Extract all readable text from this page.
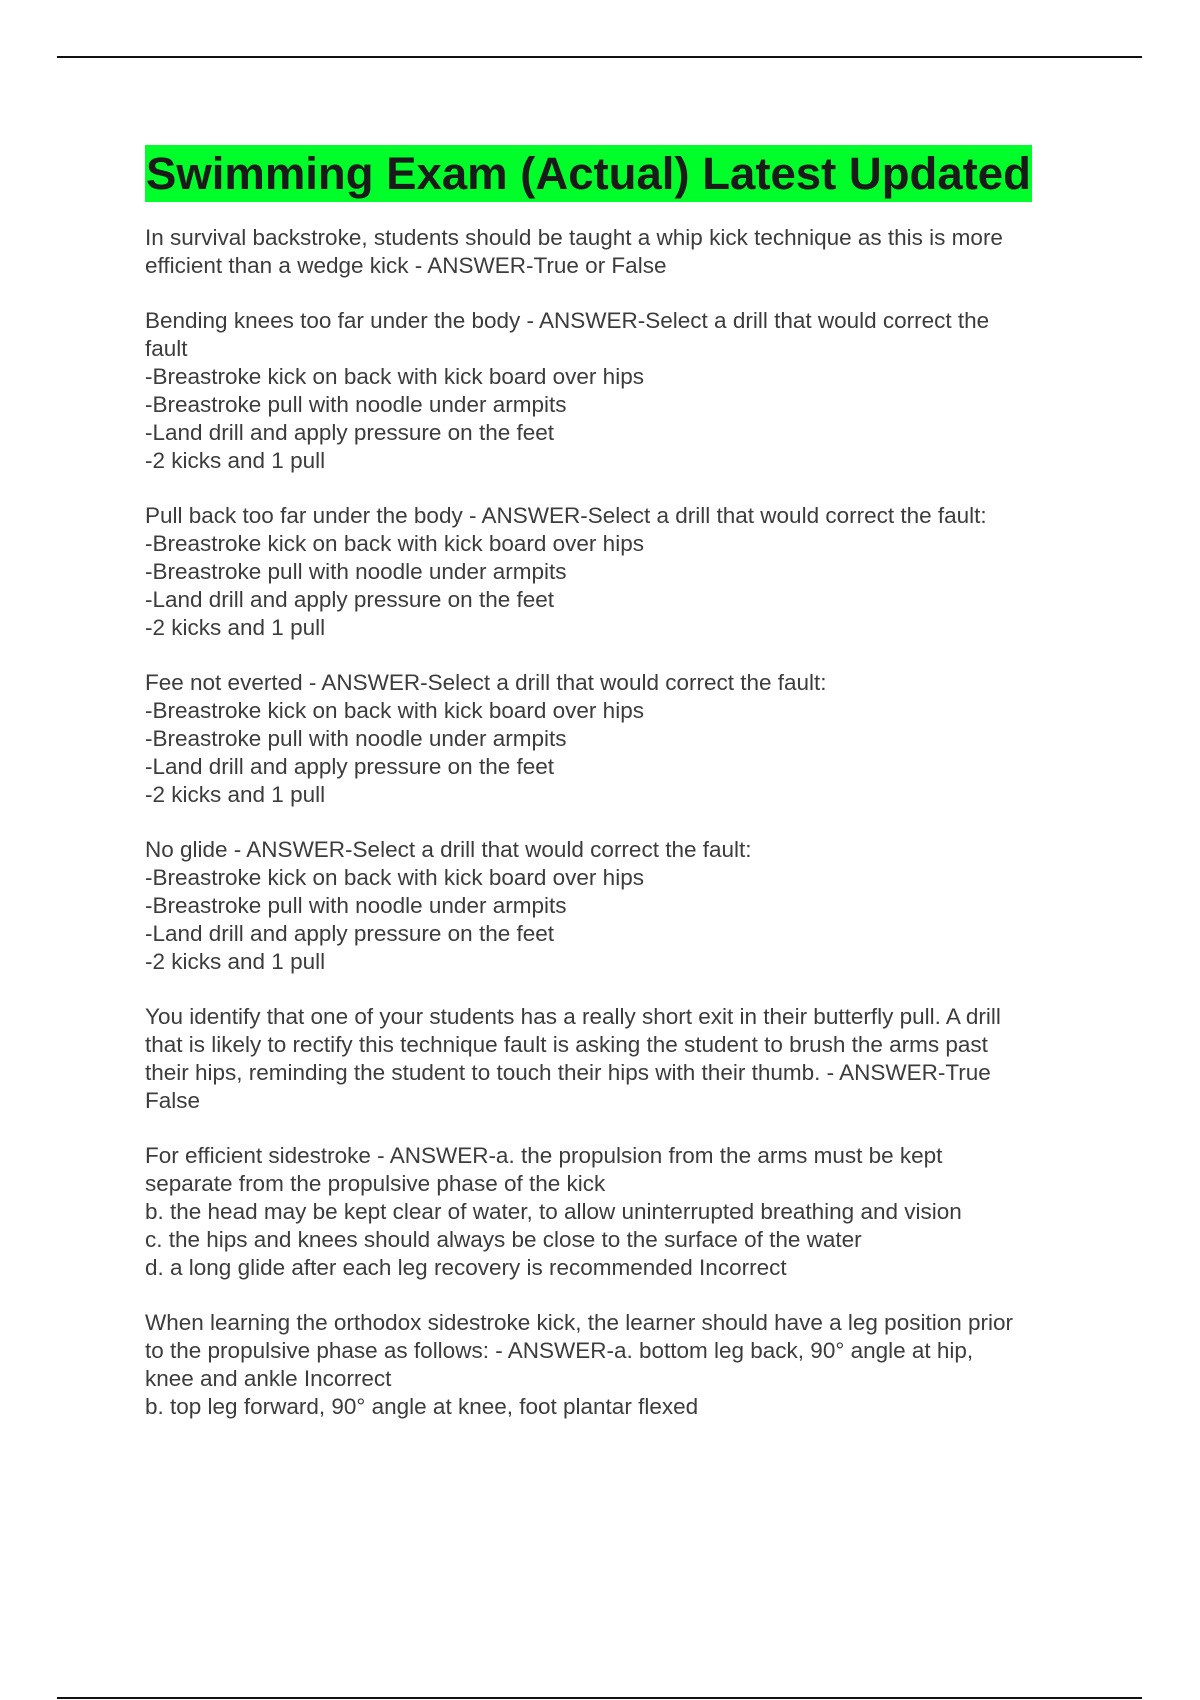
Swimming Exam (Actual) Latest Updated
In survival backstroke, students should be taught a whip kick technique as this is more
efficient than a wedge kick - ANSWER-True or False
Bending knees too far under the body - ANSWER-Select a drill that would correct the
fault
-Breastroke kick on back with kick board over hips
-Breastroke pull with noodle under armpits
-Land drill and apply pressure on the feet
-2 kicks and 1 pull
Pull back too far under the body - ANSWER-Select a drill that would correct the fault:
-Breastroke kick on back with kick board over hips
-Breastroke pull with noodle under armpits
-Land drill and apply pressure on the feet
-2 kicks and 1 pull
Fee not everted - ANSWER-Select a drill that would correct the fault:
-Breastroke kick on back with kick board over hips
-Breastroke pull with noodle under armpits
-Land drill and apply pressure on the feet
-2 kicks and 1 pull
No glide - ANSWER-Select a drill that would correct the fault:
-Breastroke kick on back with kick board over hips
-Breastroke pull with noodle under armpits
-Land drill and apply pressure on the feet
-2 kicks and 1 pull
You identify that one of your students has a really short exit in their butterfly pull. A drill
that is likely to rectify this technique fault is asking the student to brush the arms past
their hips, reminding the student to touch their hips with their thumb. - ANSWER-True
False
For efficient sidestroke - ANSWER-a. the propulsion from the arms must be kept
separate from the propulsive phase of the kick
b. the head may be kept clear of water, to allow uninterrupted breathing and vision
c. the hips and knees should always be close to the surface of the water
d. a long glide after each leg recovery is recommended Incorrect
When learning the orthodox sidestroke kick, the learner should have a leg position prior
to the propulsive phase as follows: - ANSWER-a. bottom leg back, 90° angle at hip,
knee and ankle Incorrect
b. top leg forward, 90° angle at knee, foot plantar flexed
